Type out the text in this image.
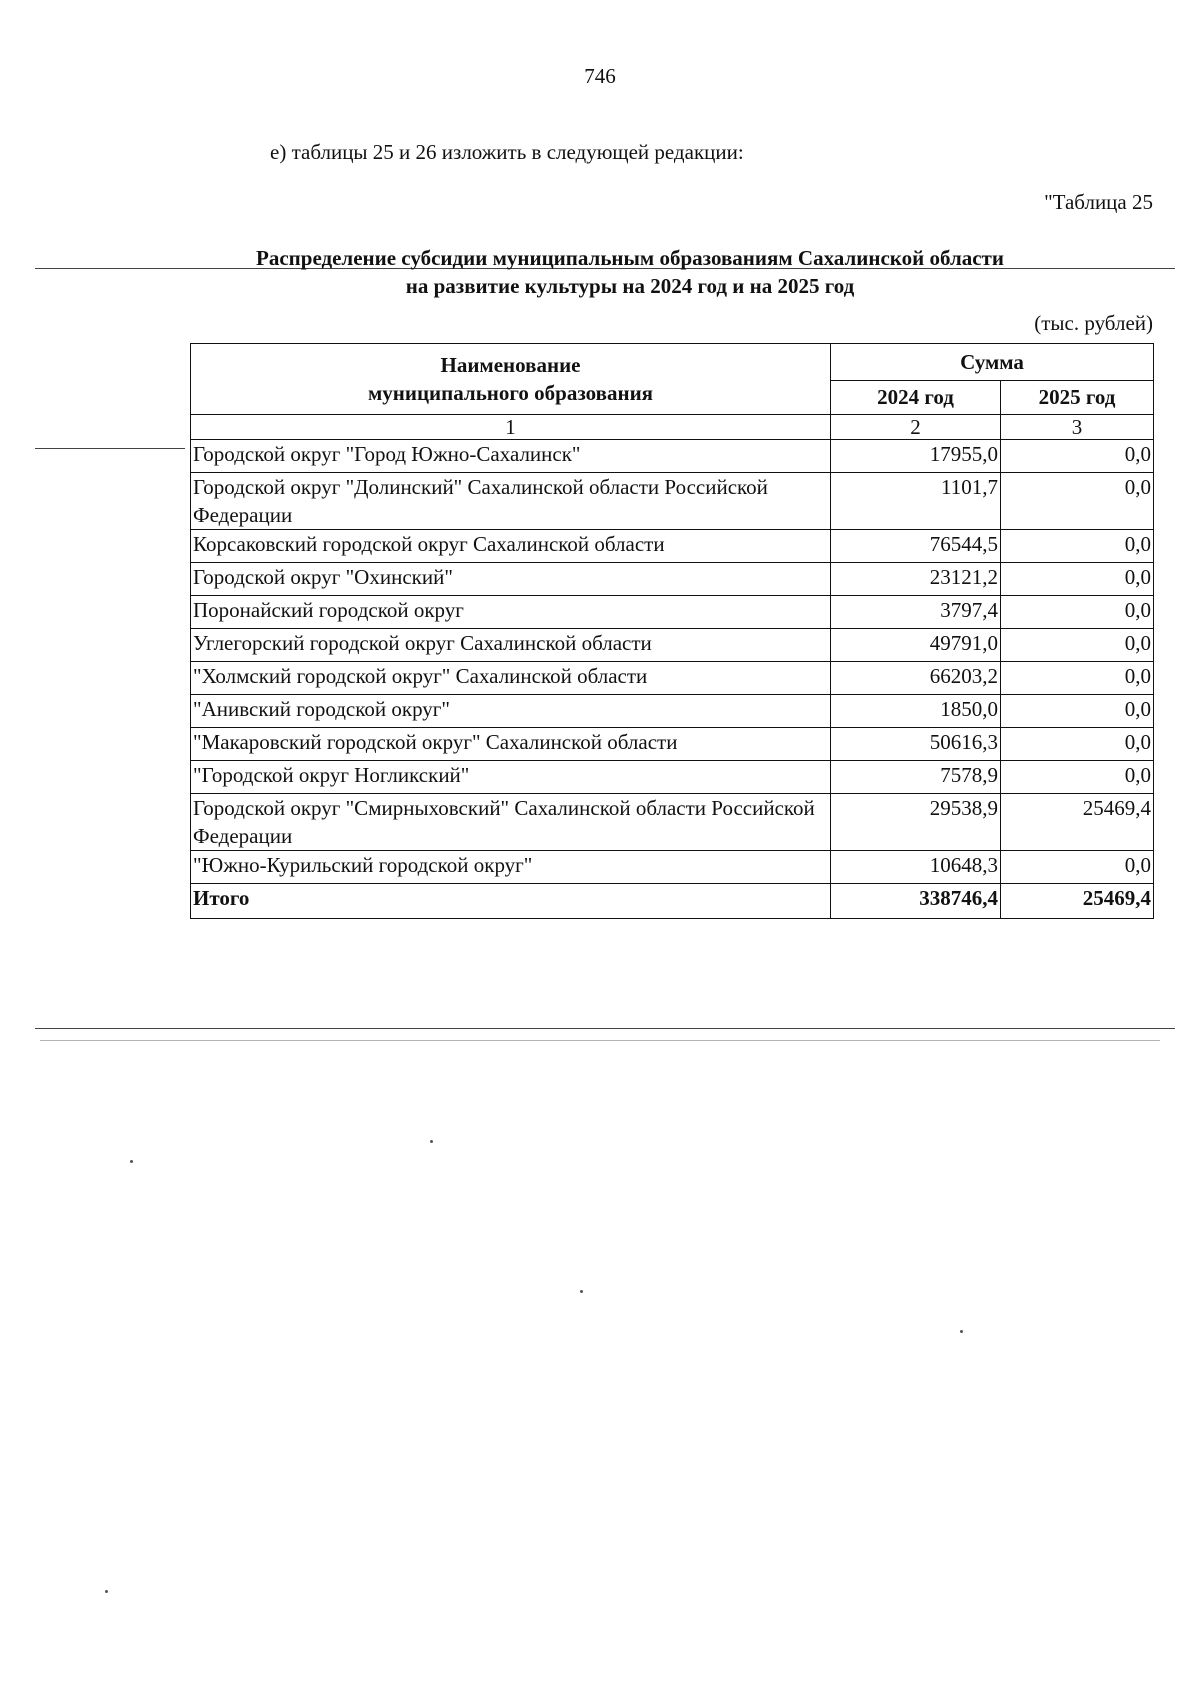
746
е) таблицы 25 и 26 изложить в следующей редакции:
"Таблица 25
Распределение субсидии муниципальным образованиям Сахалинской области
на развитие культуры на 2024 год и на 2025 год
(тыс. рублей)
Наименование
муниципального образования	Сумма	
	2024 год	2025 год
1	2	3
Городской округ "Город Южно-Сахалинск"	17955,0	0,0
Городской округ "Долинский" Сахалинской области Российской Федерации	1101,7	0,0
Корсаковский городской округ Сахалинской области	76544,5	0,0
Городской округ "Охинский"	23121,2	0,0
Поронайский городской округ	3797,4	0,0
Углегорский городской округ Сахалинской области	49791,0	0,0
"Холмский городской округ" Сахалинской области	66203,2	0,0
"Анивский городской округ"	1850,0	0,0
"Макаровский городской округ" Сахалинской области	50616,3	0,0
"Городской округ Ногликский"	7578,9	0,0
Городской округ "Смирныховский" Сахалинской области Российской Федерации	29538,9	25469,4
"Южно-Курильский городской округ"	10648,3	0,0
Итого	338746,4	25469,4
